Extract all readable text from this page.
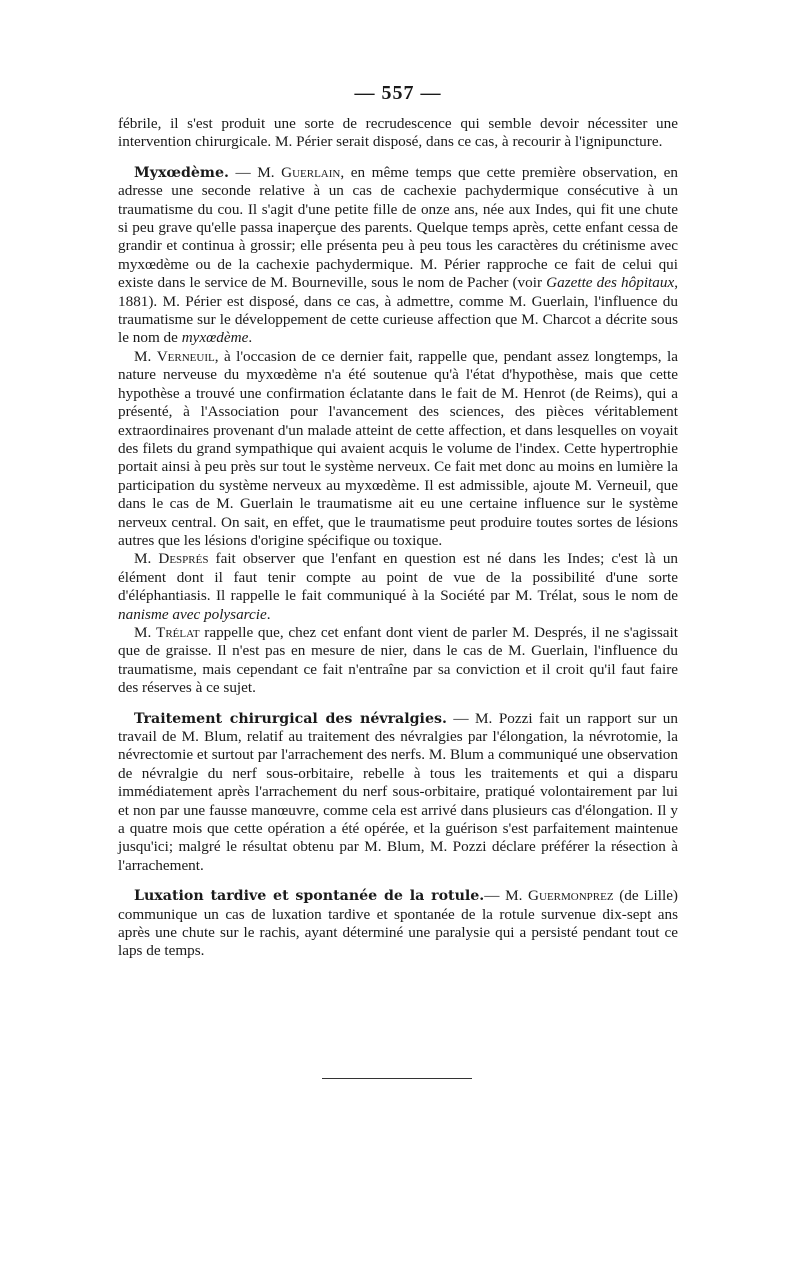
— 557 —

fébrile, il s'est produit une sorte de recrudescence qui semble devoir nécessiter une intervention chirurgicale. M. Périer serait disposé, dans ce cas, à recourir à l'ignipuncture.

Myxœdème. — M. Guerlain, en même temps que cette première observation, en adresse une seconde relative à un cas de cachexie pachydermique consécutive à un traumatisme du cou. Il s'agit d'une petite fille de onze ans, née aux Indes, qui fit une chute si peu grave qu'elle passa inaperçue des parents. Quelque temps après, cette enfant cessa de grandir et continua à grossir; elle présenta peu à peu tous les caractères du crétinisme avec myxœdème ou de la cachexie pachydermique. M. Périer rapproche ce fait de celui qui existe dans le service de M. Bourneville, sous le nom de Pacher (voir Gazette des hôpitaux, 1881). M. Périer est disposé, dans ce cas, à admettre, comme M. Guerlain, l'influence du traumatisme sur le développement de cette curieuse affection que M. Charcot a décrite sous le nom de myxœdème.

M. Verneuil, à l'occasion de ce dernier fait, rappelle que, pendant assez longtemps, la nature nerveuse du myxœdème n'a été soutenue qu'à l'état d'hypothèse, mais que cette hypothèse a trouvé une confirmation éclatante dans le fait de M. Henrot (de Reims), qui a présenté, à l'Association pour l'avancement des sciences, des pièces véritablement extraordinaires provenant d'un malade atteint de cette affection, et dans lesquelles on voyait des filets du grand sympathique qui avaient acquis le volume de l'index. Cette hypertrophie portait ainsi à peu près sur tout le système nerveux. Ce fait met donc au moins en lumière la participation du système nerveux au myxœdème. Il est admissible, ajoute M. Verneuil, que dans le cas de M. Guerlain le traumatisme ait eu une certaine influence sur le système nerveux central. On sait, en effet, que le traumatisme peut produire toutes sortes de lésions autres que les lésions d'origine spécifique ou toxique.

M. Després fait observer que l'enfant en question est né dans les Indes; c'est là un élément dont il faut tenir compte au point de vue de la possibilité d'une sorte d'éléphantiasis. Il rappelle le fait communiqué à la Société par M. Trélat, sous le nom de nanisme avec polysarcie.

M. Trélat rappelle que, chez cet enfant dont vient de parler M. Després, il ne s'agissait que de graisse. Il n'est pas en mesure de nier, dans le cas de M. Guerlain, l'influence du traumatisme, mais cependant ce fait n'entraîne par sa conviction et il croit qu'il faut faire des réserves à ce sujet.

Traitement chirurgical des névralgies. — M. Pozzi fait un rapport sur un travail de M. Blum, relatif au traitement des névralgies par l'élongation, la névrotomie, la névrectomie et surtout par l'arrachement des nerfs. M. Blum a communiqué une observation de névralgie du nerf sous-orbitaire, rebelle à tous les traitements et qui a disparu immédiatement après l'arrachement du nerf sous-orbitaire, pratiqué volontairement par lui et non par une fausse manœuvre, comme cela est arrivé dans plusieurs cas d'élongation. Il y a quatre mois que cette opération a été opérée, et la guérison s'est parfaitement maintenue jusqu'ici; malgré le résultat obtenu par M. Blum, M. Pozzi déclare préférer la résection à l'arrachement.

Luxation tardive et spontanée de la rotule.— M. Guermonprez (de Lille) communique un cas de luxation tardive et spontanée de la rotule survenue dix-sept ans après une chute sur le rachis, ayant déterminé une paralysie qui a persisté pendant tout ce laps de temps.
